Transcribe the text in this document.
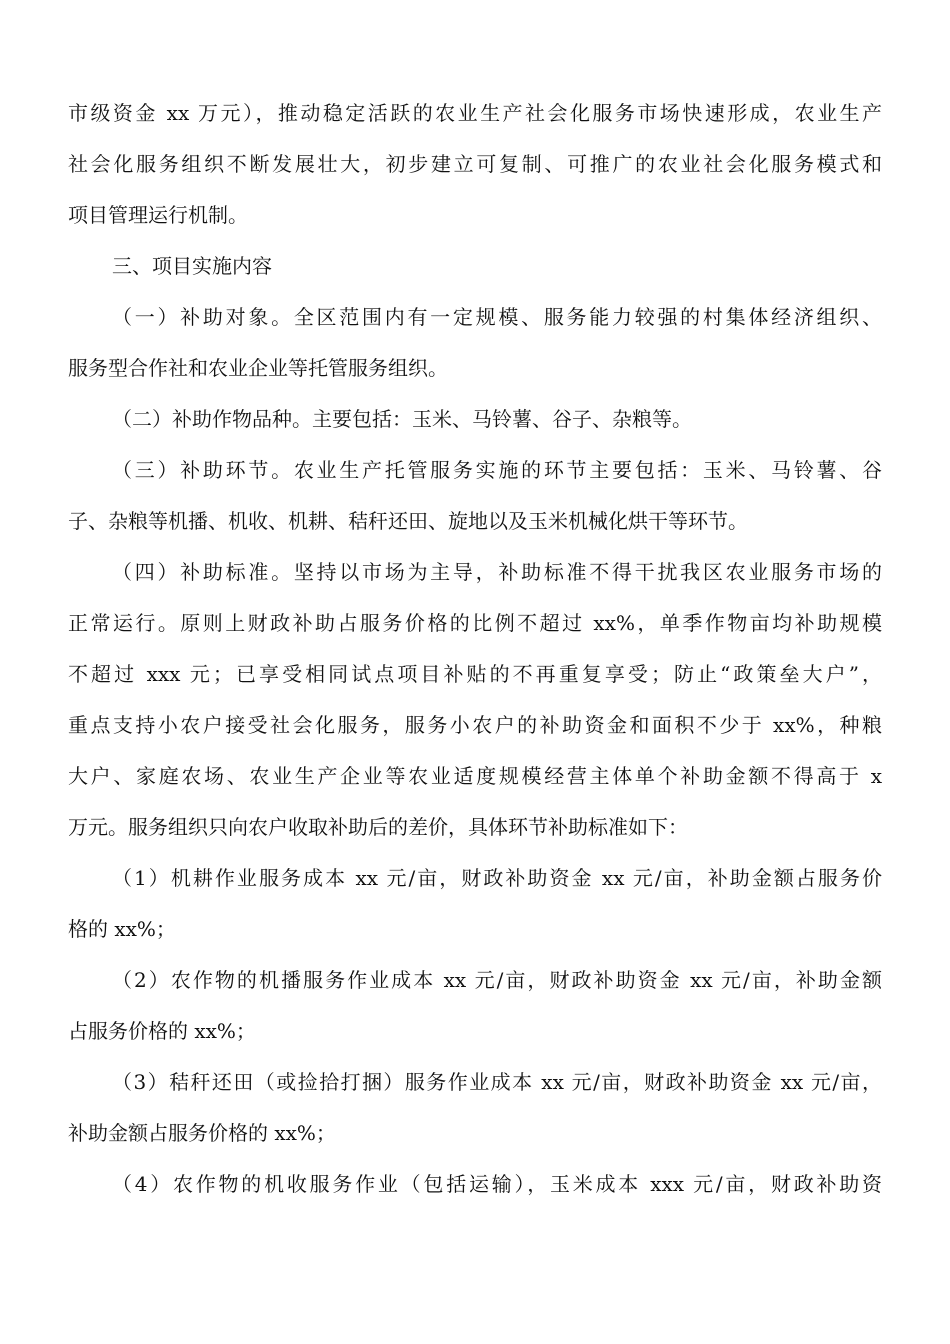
市级资金 xx 万元），推动稳定活跃的农业生产社会化服务市场快速形成，农业生产
社会化服务组织不断发展壮大，初步建立可复制、可推广的农业社会化服务模式和
项目管理运行机制。
三、项目实施内容
（一）补助对象。全区范围内有一定规模、服务能力较强的村集体经济组织、
服务型合作社和农业企业等托管服务组织。
（二）补助作物品种。主要包括：玉米、马铃薯、谷子、杂粮等。
（三）补助环节。农业生产托管服务实施的环节主要包括：玉米、马铃薯、谷
子、杂粮等机播、机收、机耕、秸秆还田、旋地以及玉米机械化烘干等环节。
（四）补助标准。坚持以市场为主导，补助标准不得干扰我区农业服务市场的
正常运行。原则上财政补助占服务价格的比例不超过 xx%，单季作物亩均补助规模
不超过 xxx 元；已享受相同试点项目补贴的不再重复享受；防止“政策垒大户”，
重点支持小农户接受社会化服务，服务小农户的补助资金和面积不少于 xx%，种粮
大户、家庭农场、农业生产企业等农业适度规模经营主体单个补助金额不得高于 x
万元。服务组织只向农户收取补助后的差价，具体环节补助标准如下：
（1）机耕作业服务成本 xx 元/亩，财政补助资金 xx 元/亩，补助金额占服务价
格的 xx%；
（2）农作物的机播服务作业成本 xx 元/亩，财政补助资金 xx 元/亩，补助金额
占服务价格的 xx%；
（3）秸秆还田（或捡拾打捆）服务作业成本 xx 元/亩，财政补助资金 xx 元/亩，
补助金额占服务价格的 xx%；
（4）农作物的机收服务作业（包括运输），玉米成本 xxx 元/亩，财政补助资
